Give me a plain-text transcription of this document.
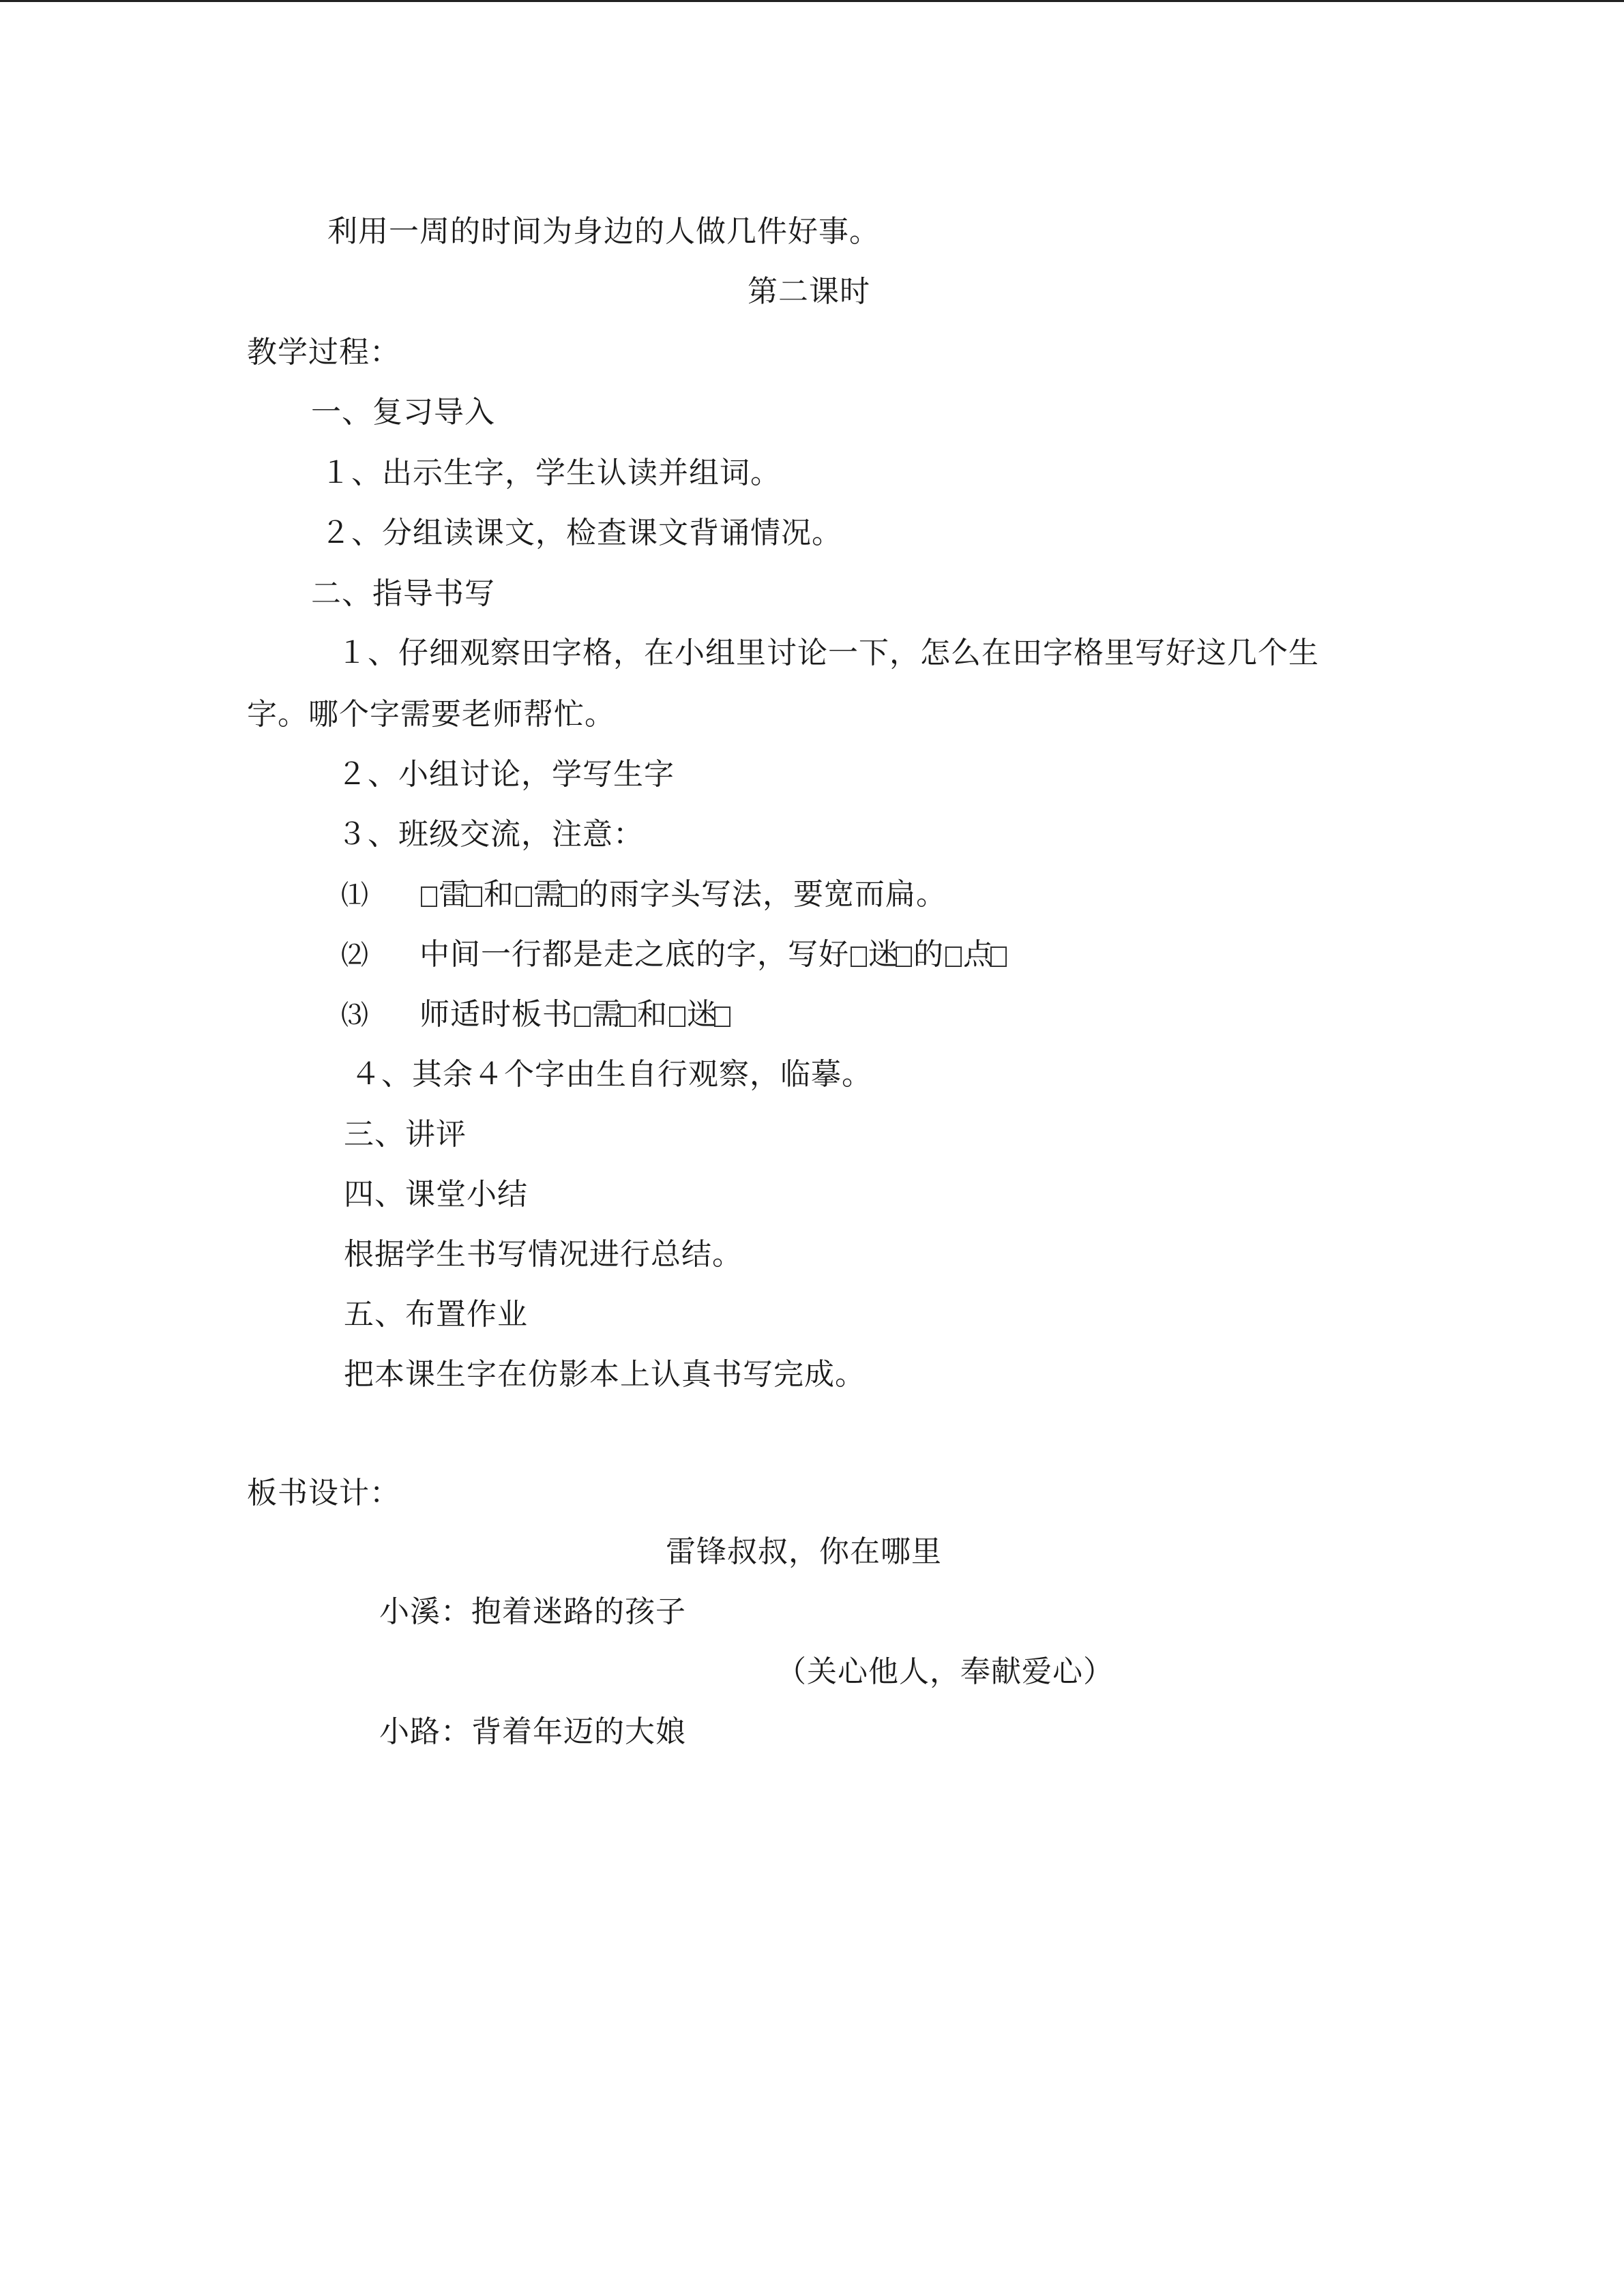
利用一周的时间为身边的人做几件好事。
第二课时
教学过程：
一、复习导入
１、出示生字，学生认读并组词。
２、分组读课文，检查课文背诵情况。
二、指导书写
１、仔细观察田字格，在小组里讨论一下，怎么在田字格里写好这几个生
字。哪个字需要老师帮忙。
２、小组讨论，学写生字
３、班级交流，注意：
⑴ 雷 和 需 的雨字头写法，要宽而扁。
⑵ 中间一行都是走之底的字，写好 迷 的 点
⑶ 师适时板书 需 和 迷
４、其余４个字由生自行观察，临摹。
三、讲评
四、课堂小结
根据学生书写情况进行总结。
五、布置作业
把本课生字在仿影本上认真书写完成。
板书设计：
雷锋叔叔，你在哪里
小溪：抱着迷路的孩子
（关心他人，奉献爱心）
小路：背着年迈的大娘
